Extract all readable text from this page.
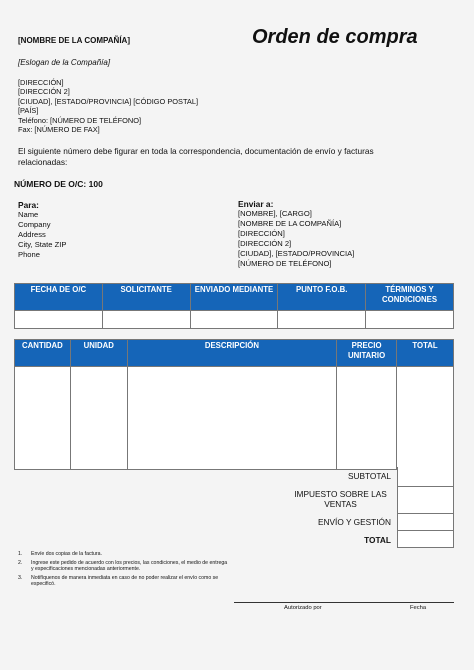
[NOMBRE DE LA COMPAÑÍA]	Orden de compra
[Eslogan de la Compañía]
[DIRECCIÓN]
[DIRECCIÓN 2]
[CIUDAD], [ESTADO/PROVINCIA] [CÓDIGO POSTAL]
[PAÍS]
Teléfono: [NÚMERO DE TELÉFONO]
Fax: [NÚMERO DE FAX]
El siguiente número debe figurar en toda la correspondencia, documentación de envío y facturas relacionadas:
NÚMERO DE O/C: 100
Para:
Name
Company
Address
City, State ZIP
Phone
Enviar a:
[NOMBRE], [CARGO]
[NOMBRE DE LA COMPAÑÍA]
[DIRECCIÓN]
[DIRECCIÓN 2]
[CIUDAD], [ESTADO/PROVINCIA]
[NÚMERO DE TELÉFONO]
FECHA DE O/C	SOLICITANTE	ENVIADO MEDIANTE	PUNTO F.O.B.	TÉRMINOS Y CONDICIONES

CANTIDAD	UNIDAD	DESCRIPCIÓN	PRECIO UNITARIO	TOTAL

SUBTOTAL
IMPUESTO SOBRE LAS VENTAS
ENVÍO Y GESTIÓN
TOTAL
1.	Envíe dos copias de la factura.
2.	Ingrese este pedido de acuerdo con los precios, las condiciones, el medio de entrega y especificaciones mencionadas anteriormente.
3.	Notifíquenos de manera inmediata en caso de no poder realizar el envío como se especificó.
Autorizado por	Fecha
